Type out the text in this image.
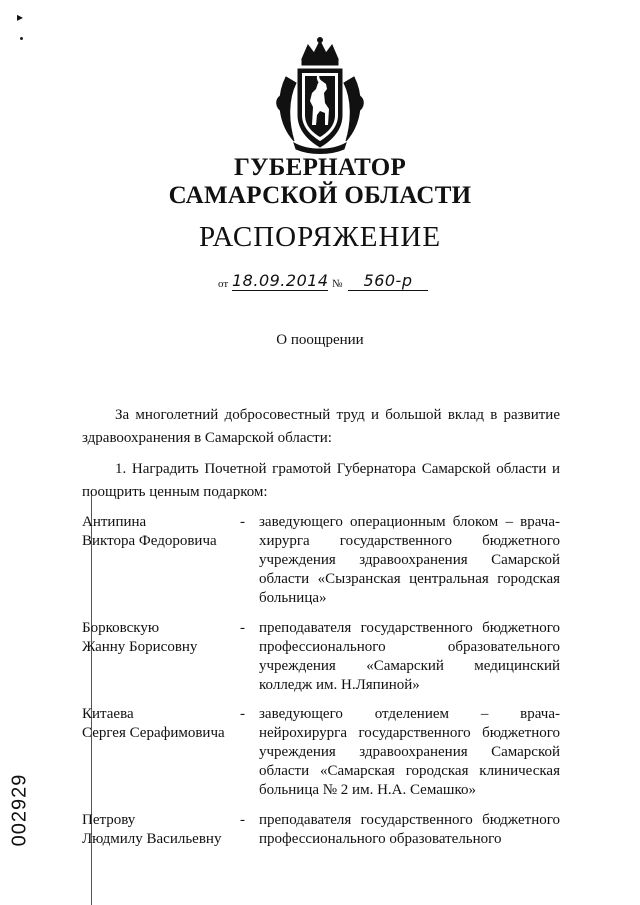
▸
ГУБЕРНАТОР
САМАРСКОЙ ОБЛАСТИ
РАСПОРЯЖЕНИЕ
от 18.09.2014 №	560-р
О поощрении
За многолетний добросовестный труд и большой вклад в развитие здравоохранения в Самарской области:
1. Наградить Почетной грамотой Губернатора Самарской области и поощрить ценным подарком:
Антипина
Виктора Федоровича
- заведующего операционным блоком – врача-хирурга государственного бюджетного учреждения здравоохранения Самарской области «Сызранская центральная городская больница»
Борковскую
Жанну Борисовну
- преподавателя государственного бюджетного профессионального образовательного учреждения «Самарский медицинский колледж им. Н.Ляпиной»
Китаева
Сергея Серафимовича
- заведующего отделением – врача-нейрохирурга государственного бюджетного учреждения здравоохранения Самарской области «Самарская городская клиническая больница № 2 им. Н.А. Семашко»
Петрову
Людмилу Васильевну
- преподавателя государственного бюджетного профессионального образовательного
002929
